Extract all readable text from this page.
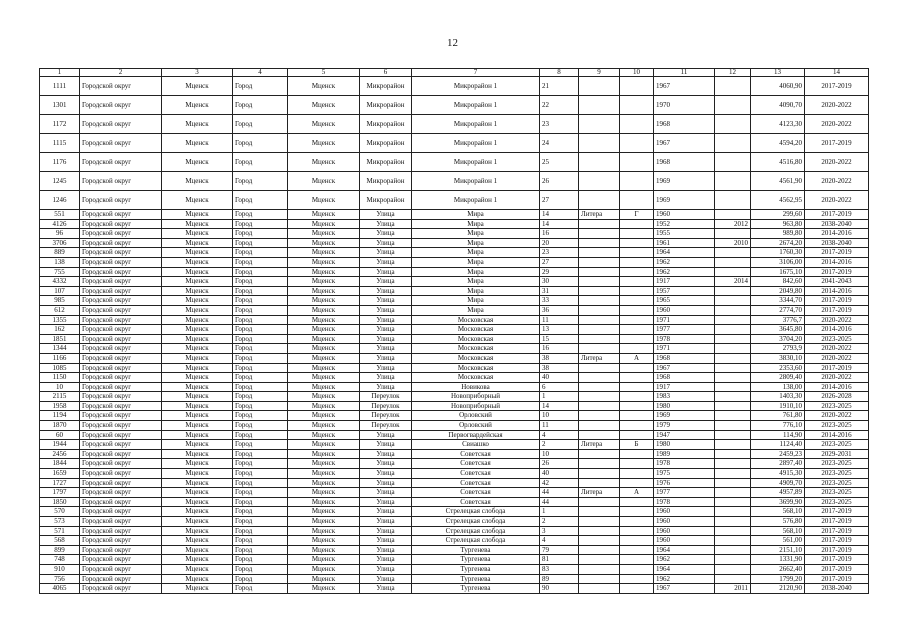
12
1	2	3	4	5	6	7	8	9	10	11	12	13	14
1111	Городской округ	Мценск	Город	Мценск	Микрорайон	Микрорайон 1	21			1967		4060,90	2017-2019
1301	Городской округ	Мценск	Город	Мценск	Микрорайон	Микрорайон 1	22			1970		4090,70	2020-2022
1172	Городской округ	Мценск	Город	Мценск	Микрорайон	Микрорайон 1	23			1968		4123,30	2020-2022
1115	Городской округ	Мценск	Город	Мценск	Микрорайон	Микрорайон 1	24			1967		4594,20	2017-2019
1176	Городской округ	Мценск	Город	Мценск	Микрорайон	Микрорайон 1	25			1968		4516,80	2020-2022
1245	Городской округ	Мценск	Город	Мценск	Микрорайон	Микрорайон 1	26			1969		4561,90	2020-2022
1246	Городской округ	Мценск	Город	Мценск	Микрорайон	Микрорайон 1	27			1969		4562,95	2020-2022
551	Городской округ	Мценск	Город	Мценск	Улица	Мира	14	Литера	Г	1960		299,60	2017-2019
4126	Городской округ	Мценск	Город	Мценск	Улица	Мира	14			1952	2012	963,80	2038-2040
96	Городской округ	Мценск	Город	Мценск	Улица	Мира	16			1955		989,80	2014-2016
3706	Городской округ	Мценск	Город	Мценск	Улица	Мира	20			1961	2010	2674,20	2038-2040
889	Городской округ	Мценск	Город	Мценск	Улица	Мира	23			1964		1760,30	2017-2019
138	Городской округ	Мценск	Город	Мценск	Улица	Мира	27			1962		3106,00	2014-2016
755	Городской округ	Мценск	Город	Мценск	Улица	Мира	29			1962		1675,10	2017-2019
4332	Городской округ	Мценск	Город	Мценск	Улица	Мира	30			1917	2014	842,60	2041-2043
107	Городской округ	Мценск	Город	Мценск	Улица	Мира	31			1957		2049,80	2014-2016
985	Городской округ	Мценск	Город	Мценск	Улица	Мира	33			1965		3344,70	2017-2019
612	Городской округ	Мценск	Город	Мценск	Улица	Мира	36			1960		2774,70	2017-2019
1355	Городской округ	Мценск	Город	Мценск	Улица	Московская	11			1971		3776,7	2020-2022
162	Городской округ	Мценск	Город	Мценск	Улица	Московская	13			1977		3645,80	2014-2016
1851	Городской округ	Мценск	Город	Мценск	Улица	Московская	15			1978		3704,20	2023-2025
1344	Городской округ	Мценск	Город	Мценск	Улица	Московская	16			1971		2793,9	2020-2022
1166	Городской округ	Мценск	Город	Мценск	Улица	Московская	38	Литера	А	1968		3830,10	2020-2022
1085	Городской округ	Мценск	Город	Мценск	Улица	Московская	38			1967		2353,60	2017-2019
1150	Городской округ	Мценск	Город	Мценск	Улица	Московская	40			1968		2809,40	2020-2022
10	Городской округ	Мценск	Город	Мценск	Улица	Новикова	6			1917		138,00	2014-2016
2115	Городской округ	Мценск	Город	Мценск	Переулок	Новоприборный	1			1983		1403,30	2026-2028
1958	Городской округ	Мценск	Город	Мценск	Переулок	Новоприборный	14			1980		1910,10	2023-2025
1194	Городской округ	Мценск	Город	Мценск	Переулок	Орловский	10			1969		761,80	2020-2022
1870	Городской округ	Мценск	Город	Мценск	Переулок	Орловский	11			1979		776,10	2023-2025
60	Городской округ	Мценск	Город	Мценск	Улица	Первогвардейская	4			1947		114,90	2014-2016
1944	Городской округ	Мценск	Город	Мценск	Улица	Свиашко	2	Литера	Б	1980		1124,40	2023-2025
2456	Городской округ	Мценск	Город	Мценск	Улица	Советская	10			1989		2459,23	2029-2031
1844	Городской округ	Мценск	Город	Мценск	Улица	Советская	26			1978		2897,40	2023-2025
1659	Городской округ	Мценск	Город	Мценск	Улица	Советская	40			1975		4915,30	2023-2025
1727	Городской округ	Мценск	Город	Мценск	Улица	Советская	42			1976		4909,70	2023-2025
1797	Городской округ	Мценск	Город	Мценск	Улица	Советская	44	Литера	А	1977		4957,89	2023-2025
1850	Городской округ	Мценск	Город	Мценск	Улица	Советская	44			1978		3699,90	2023-2025
570	Городской округ	Мценск	Город	Мценск	Улица	Стрелецкая слобода	1			1960		568,10	2017-2019
573	Городской округ	Мценск	Город	Мценск	Улица	Стрелецкая слобода	2			1960		576,80	2017-2019
571	Городской округ	Мценск	Город	Мценск	Улица	Стрелецкая слобода	3			1960		568,10	2017-2019
568	Городской округ	Мценск	Город	Мценск	Улица	Стрелецкая слобода	4			1960		561,00	2017-2019
899	Городской округ	Мценск	Город	Мценск	Улица	Тургенева	79			1964		2151,10	2017-2019
748	Городской округ	Мценск	Город	Мценск	Улица	Тургенева	81			1962		1331,90	2017-2019
910	Городской округ	Мценск	Город	Мценск	Улица	Тургенева	83			1964		2662,40	2017-2019
756	Городской округ	Мценск	Город	Мценск	Улица	Тургенева	89			1962		1799,20	2017-2019
4065	Городской округ	Мценск	Город	Мценск	Улица	Тургенева	90			1967	2011	2120,90	2038-2040
